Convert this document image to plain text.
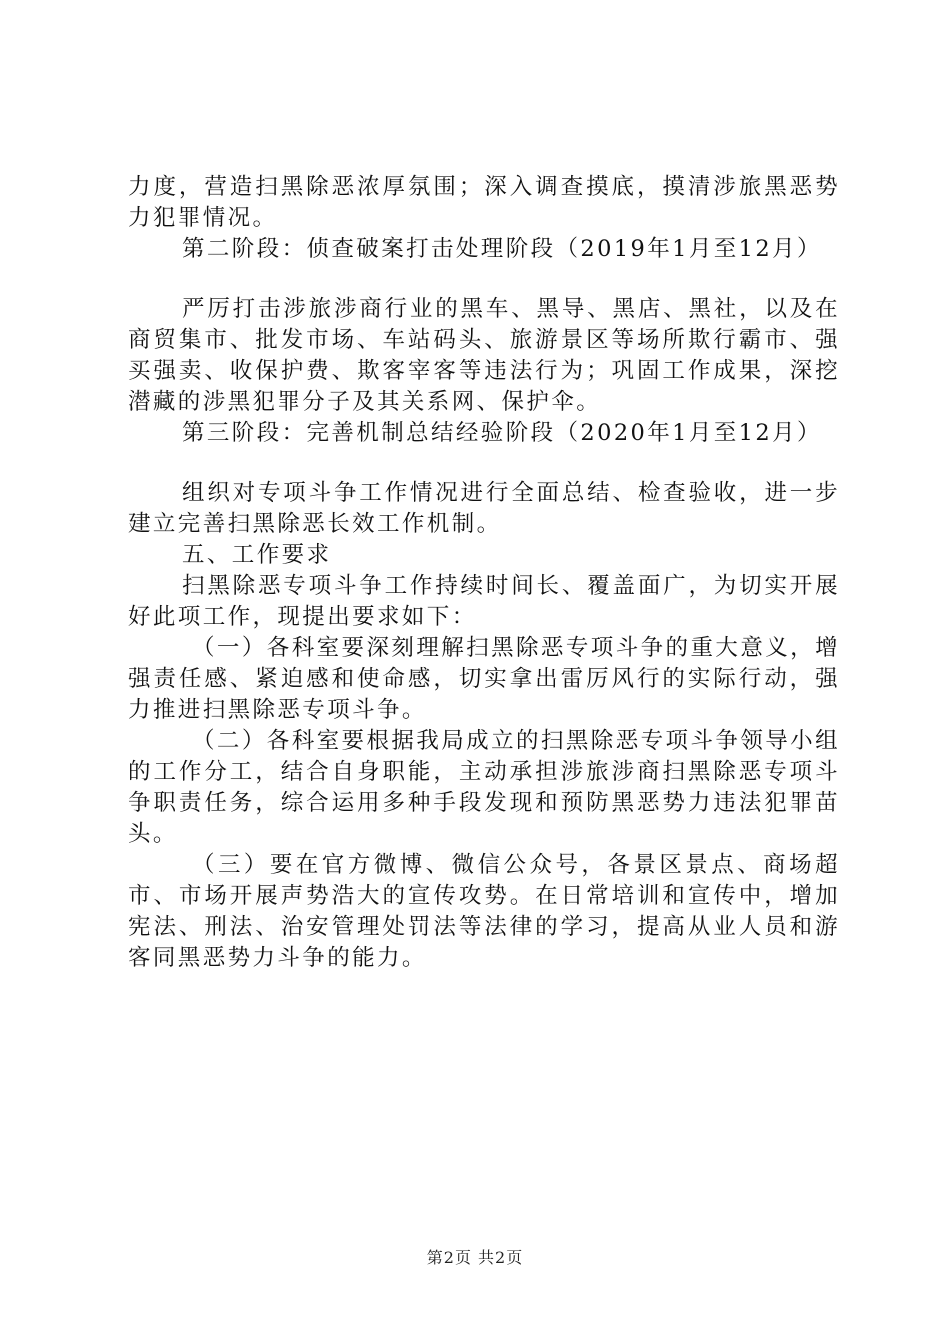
力度，营造扫黑除恶浓厚氛围；深入调查摸底，摸清涉旅黑恶势力犯罪情况。

第二阶段：侦查破案打击处理阶段（2019年1月至12月）

严厉打击涉旅涉商行业的黑车、黑导、黑店、黑社，以及在商贸集市、批发市场、车站码头、旅游景区等场所欺行霸市、强买强卖、收保护费、欺客宰客等违法行为；巩固工作成果，深挖潜藏的涉黑犯罪分子及其关系网、保护伞。

第三阶段：完善机制总结经验阶段（2020年1月至12月）

组织对专项斗争工作情况进行全面总结、检查验收，进一步建立完善扫黑除恶长效工作机制。

五、工作要求

扫黑除恶专项斗争工作持续时间长、覆盖面广，为切实开展好此项工作，现提出要求如下：

（一）各科室要深刻理解扫黑除恶专项斗争的重大意义，增强责任感、紧迫感和使命感，切实拿出雷厉风行的实际行动，强力推进扫黑除恶专项斗争。

（二）各科室要根据我局成立的扫黑除恶专项斗争领导小组的工作分工，结合自身职能，主动承担涉旅涉商扫黑除恶专项斗争职责任务，综合运用多种手段发现和预防黑恶势力违法犯罪苗头。

（三）要在官方微博、微信公众号，各景区景点、商场超市、市场开展声势浩大的宣传攻势。在日常培训和宣传中，增加宪法、刑法、治安管理处罚法等法律的学习，提高从业人员和游客同黑恶势力斗争的能力。

第2页 共2页
